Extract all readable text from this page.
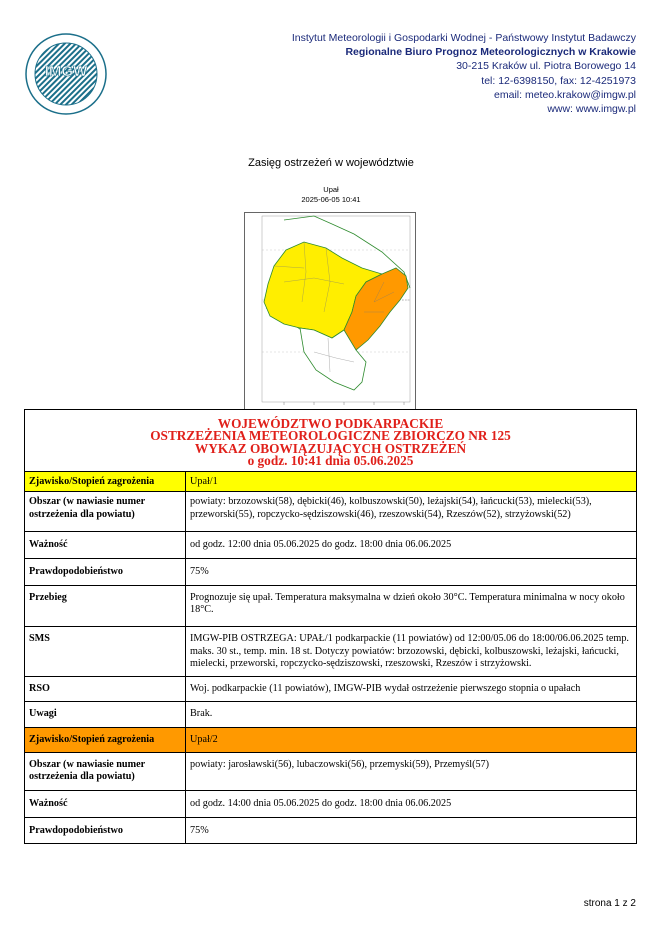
IMGW
Instytut Meteorologii i Gospodarki Wodnej - Państwowy Instytut Badawczy
Regionalne Biuro Prognoz Meteorologicznych w Krakowie
30-215 Kraków ul. Piotra Borowego 14
tel: 12-6398150, fax: 12-4251973
email: meteo.krakow@imgw.pl
www: www.imgw.pl
Zasięg ostrzeżeń w województwie
Upał
2025-06-05 10:41
WOJEWÓDZTWO PODKARPACKIE
OSTRZEŻENIA METEOROLOGICZNE ZBIORCZO NR 125
WYKAZ OBOWIĄZUJĄCYCH OSTRZEŻEŃ
o godz. 10:41 dnia 05.06.2025	

Zjawisko/Stopień zagrożenia	Upał/1
Obszar (w nawiasie numer ostrzeżenia dla powiatu)	powiaty: brzozowski(58), dębicki(46), kolbuszowski(50), leżajski(54), łańcucki(53), mielecki(53), przeworski(55), ropczycko-sędziszowski(46), rzeszowski(54), Rzeszów(52), strzyżowski(52)
Ważność	od godz. 12:00 dnia 05.06.2025 do godz. 18:00 dnia 06.06.2025
Prawdopodobieństwo	75%
Przebieg	Prognozuje się upał. Temperatura maksymalna w dzień około 30°C. Temperatura minimalna w nocy około 18°C.
SMS	IMGW-PIB OSTRZEGA: UPAŁ/1 podkarpackie (11 powiatów) od 12:00/05.06 do 18:00/06.06.2025 temp. maks. 30 st., temp. min. 18 st. Dotyczy powiatów: brzozowski, dębicki, kolbuszowski, leżajski, łańcucki, mielecki, przeworski, ropczycko-sędziszowski, rzeszowski, Rzeszów i strzyżowski.
RSO	Woj. podkarpackie (11 powiatów), IMGW-PIB wydał ostrzeżenie pierwszego stopnia o upałach
Uwagi	Brak.
Zjawisko/Stopień zagrożenia	Upał/2
Obszar (w nawiasie numer ostrzeżenia dla powiatu)	powiaty: jarosławski(56), lubaczowski(56), przemyski(59), Przemyśl(57)
Ważność	od godz. 14:00 dnia 05.06.2025 do godz. 18:00 dnia 06.06.2025
Prawdopodobieństwo	75%
strona 1 z 2
